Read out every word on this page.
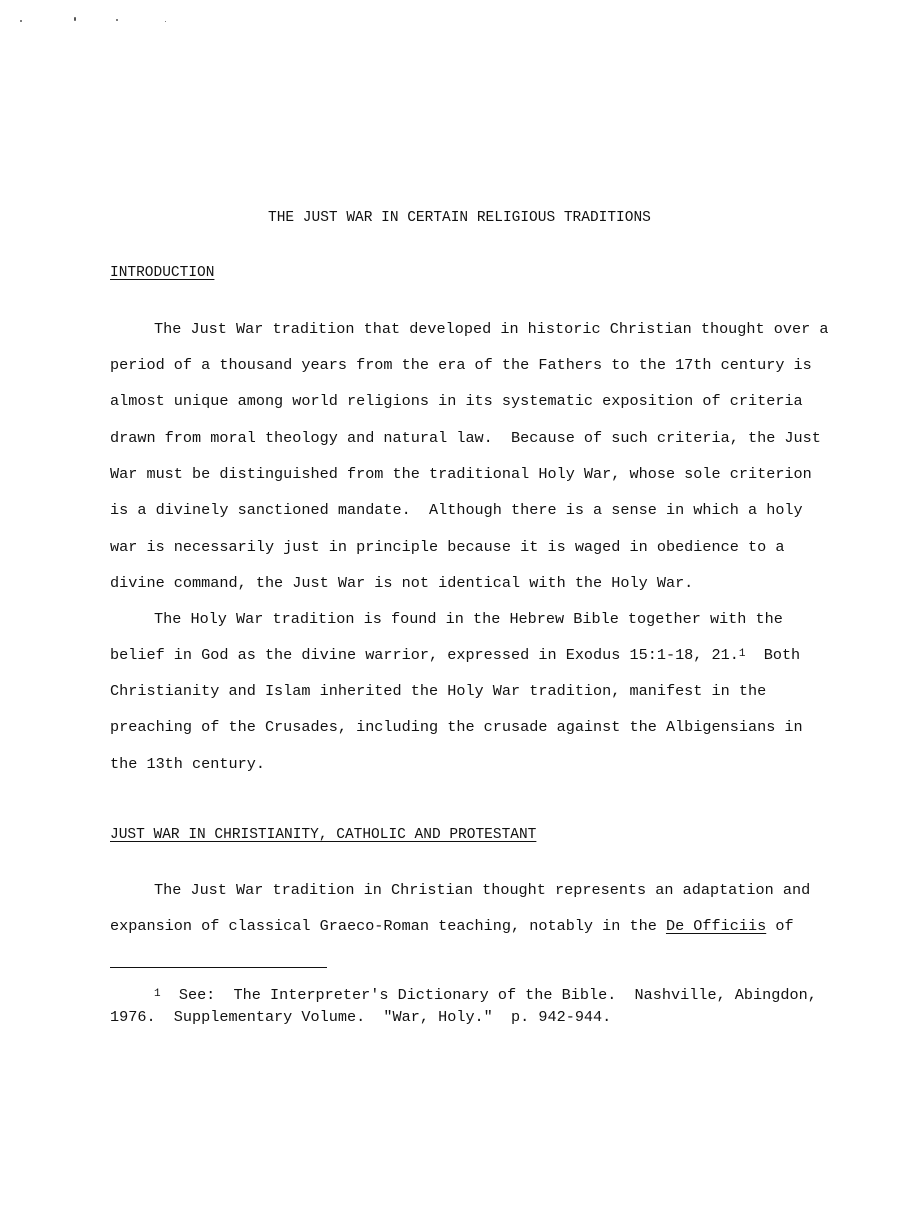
THE JUST WAR IN CERTAIN RELIGIOUS TRADITIONS
INTRODUCTION
The Just War tradition that developed in historic Christian thought over a
period of a thousand years from the era of the Fathers to the 17th century is
almost unique among world religions in its systematic exposition of criteria
drawn from moral theology and natural law.  Because of such criteria, the Just
War must be distinguished from the traditional Holy War, whose sole criterion
is a divinely sanctioned mandate.  Although there is a sense in which a holy
war is necessarily just in principle because it is waged in obedience to a
divine command, the Just War is not identical with the Holy War.
The Holy War tradition is found in the Hebrew Bible together with the
belief in God as the divine warrior, expressed in Exodus 15:1-18, 21.$^1$  Both
Christianity and Islam inherited the Holy War tradition, manifest in the
preaching of the Crusades, including the crusade against the Albigensians in
the 13th century.
JUST WAR IN CHRISTIANITY, CATHOLIC AND PROTESTANT
The Just War tradition in Christian thought represents an adaptation and
expansion of classical Graeco-Roman teaching, notably in the De Officiis of
$^1$ See:  The Interpreter's Dictionary of the Bible.  Nashville, Abingdon,
1976.  Supplementary Volume.  "War, Holy."  p. 942-944.
